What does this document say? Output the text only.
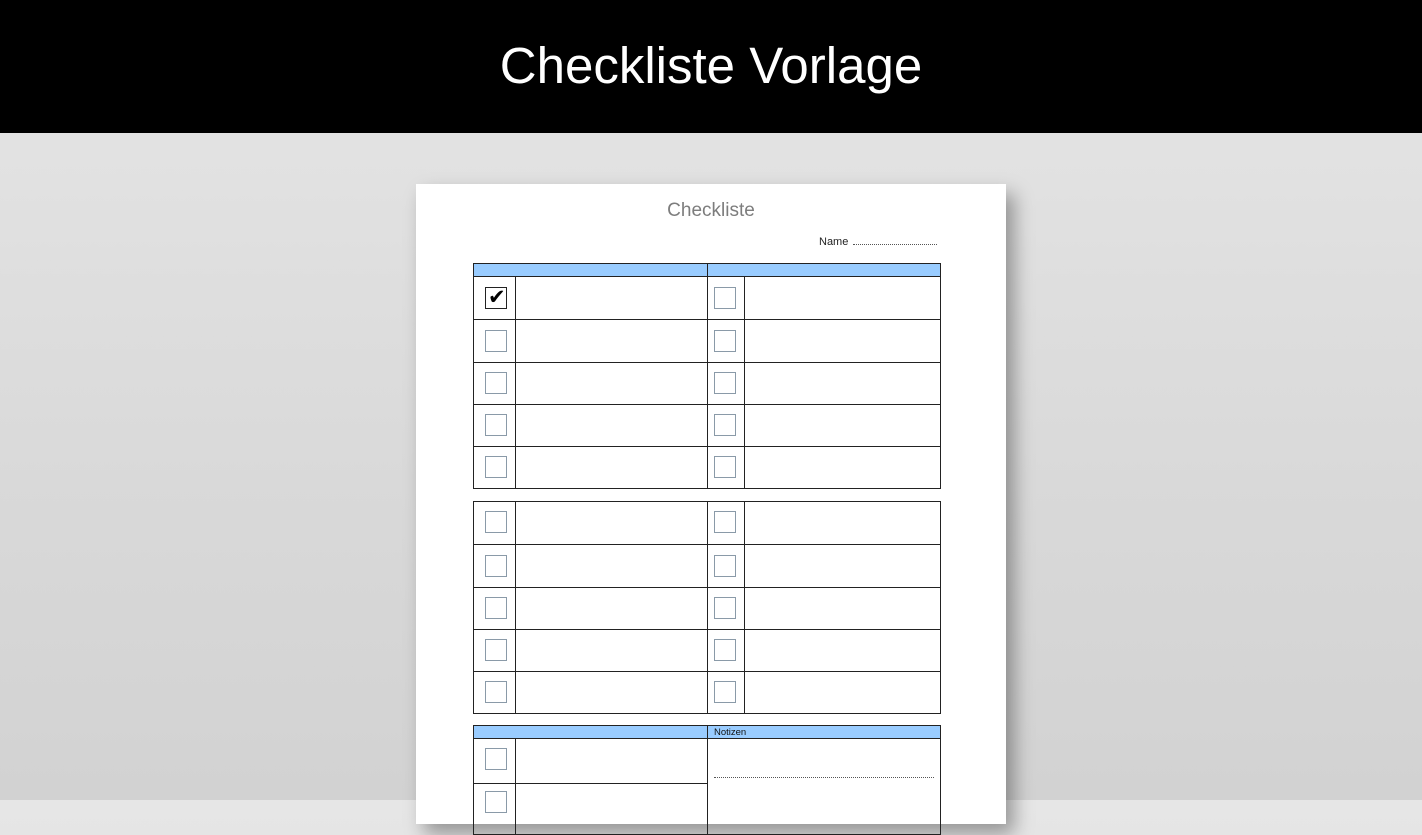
Checkliste Vorlage
Checkliste
Name
✔
Notizen
